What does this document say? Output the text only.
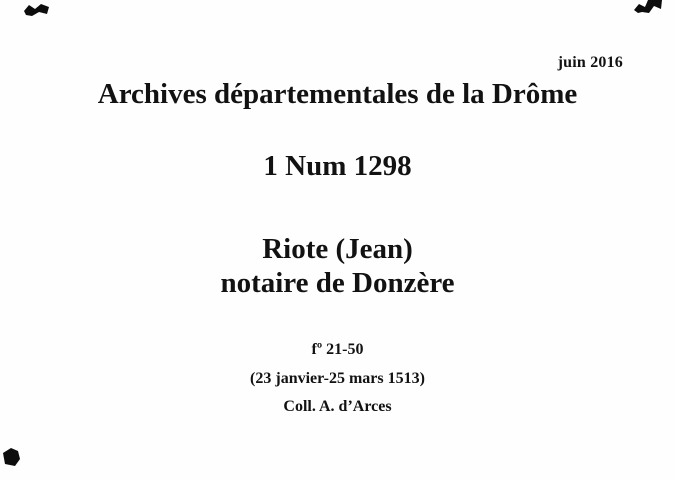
juin 2016
Archives départementales de la Drôme
1 Num 1298
Riote (Jean)
notaire de Donzère
fº 21-50
(23 janvier-25 mars 1513)
Coll. A. d’Arces
